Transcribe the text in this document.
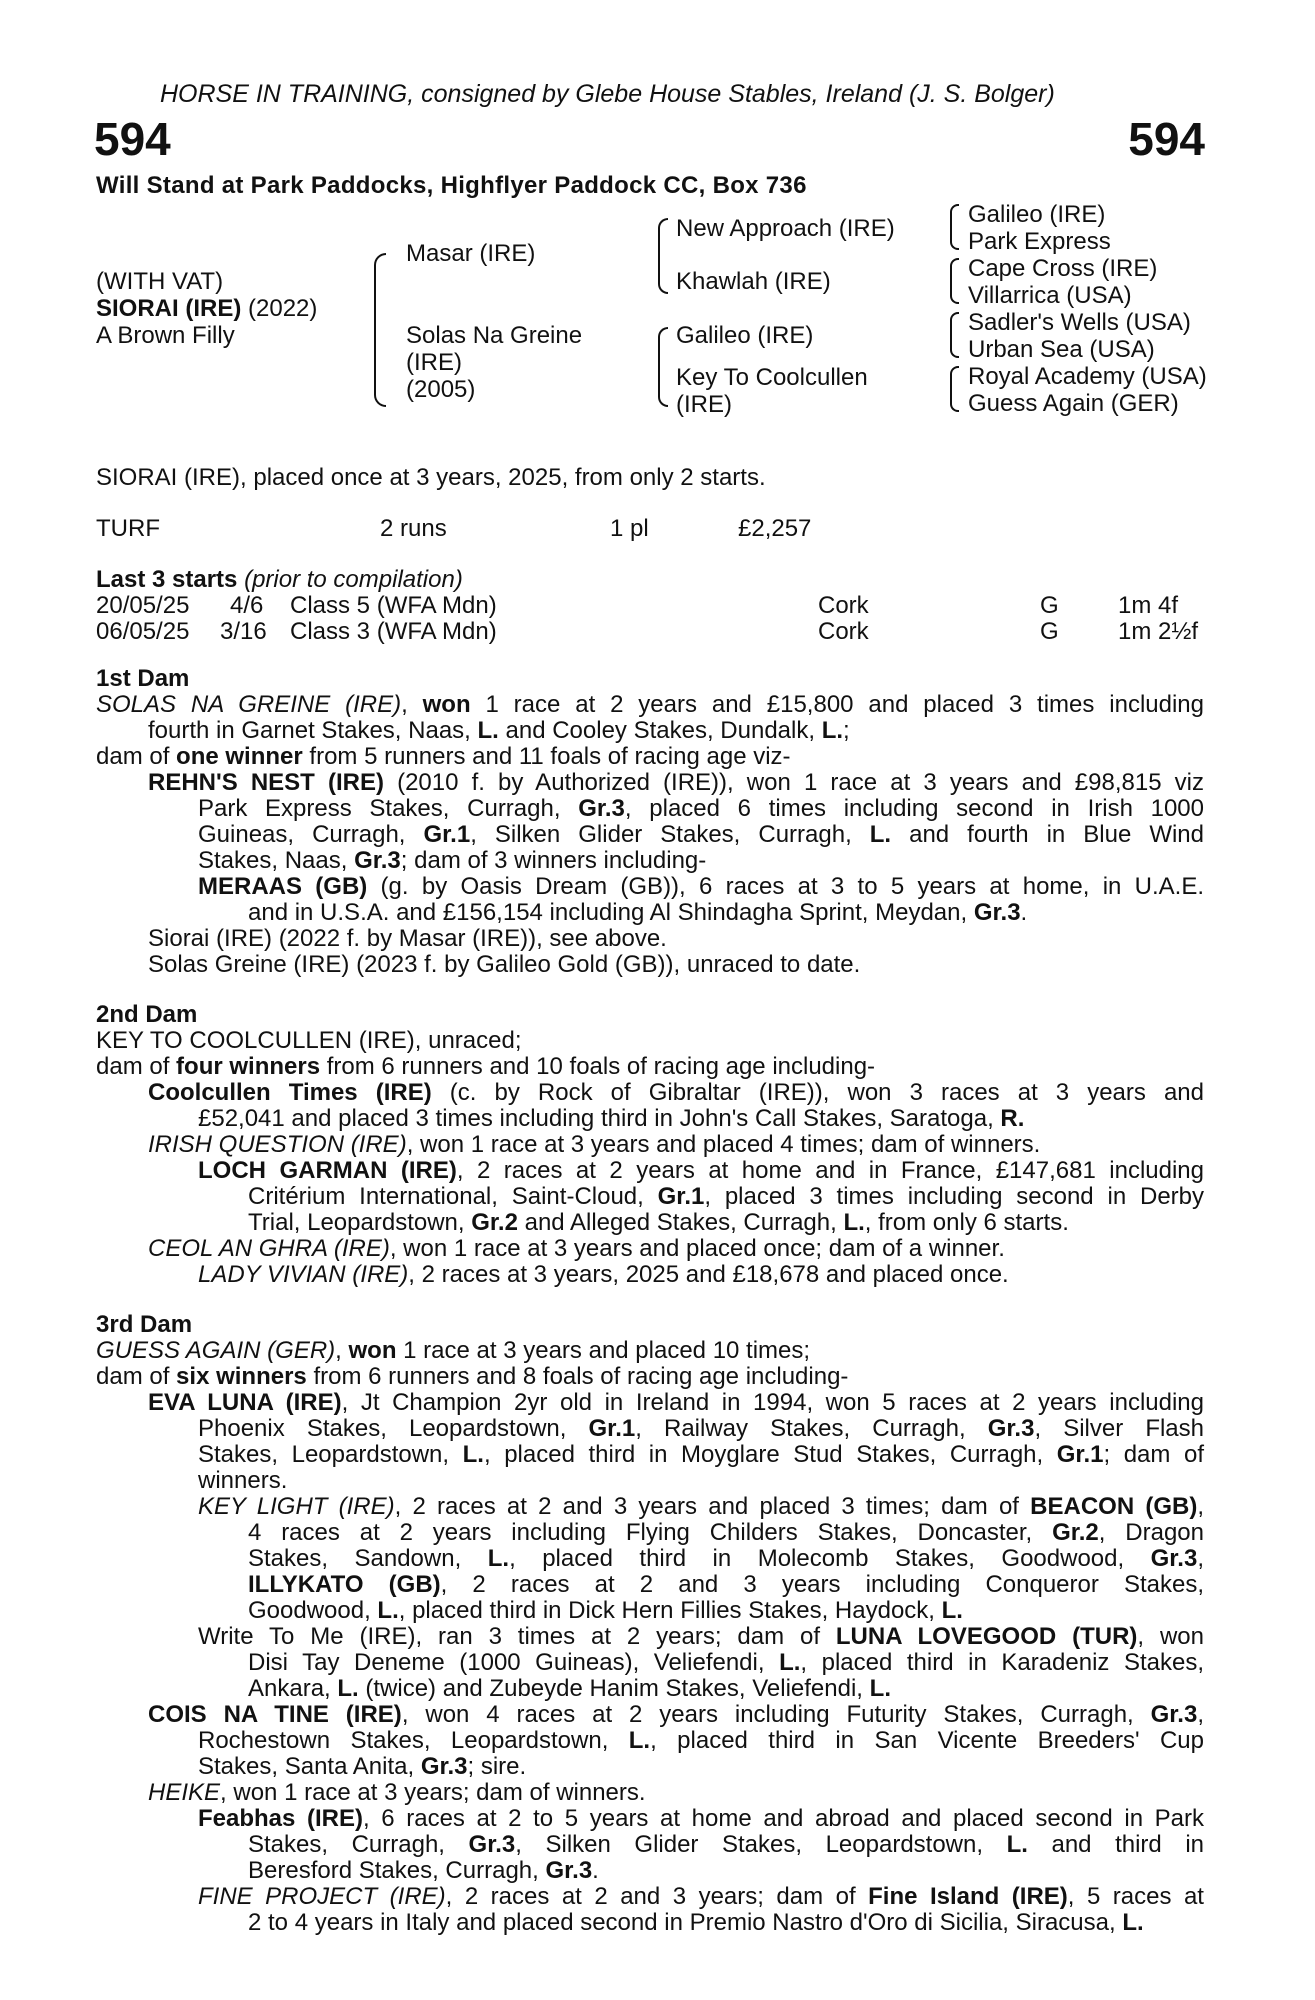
HORSE IN TRAINING, consigned by Glebe House Stables, Ireland (J. S. Bolger)
594	594
Will Stand at Park Paddocks, Highflyer Paddock CC, Box 736
(WITH VAT)
SIORAI (IRE) (2022)
A Brown Filly
Masar (IRE)
Solas Na Greine
(IRE)
(2005)
New Approach (IRE)
Khawlah (IRE)
Galileo (IRE)
Key To Coolcullen
(IRE)
Galileo (IRE)
Park Express
Cape Cross (IRE)
Villarrica (USA)
Sadler's Wells (USA)
Urban Sea (USA)
Royal Academy (USA)
Guess Again (GER)
SIORAI (IRE), placed once at 3 years, 2025, from only 2 starts.
TURF	2 runs	1 pl	£2,257
Last 3 starts (prior to compilation)
20/05/25 4/6 Class 5 (WFA Mdn)	Cork	G 1m 4f
06/05/25 3/16 Class 3 (WFA Mdn)	Cork	G 1m 2½f
1st Dam
SOLAS NA GREINE (IRE), won 1 race at 2 years and £15,800 and placed 3 times including
fourth in Garnet Stakes, Naas, L. and Cooley Stakes, Dundalk, L.;
dam of one winner from 5 runners and 11 foals of racing age viz-
REHN'S NEST (IRE) (2010 f. by Authorized (IRE)), won 1 race at 3 years and £98,815 viz
Park Express Stakes, Curragh, Gr.3, placed 6 times including second in Irish 1000
Guineas, Curragh, Gr.1, Silken Glider Stakes, Curragh, L. and fourth in Blue Wind
Stakes, Naas, Gr.3; dam of 3 winners including-
MERAAS (GB) (g. by Oasis Dream (GB)), 6 races at 3 to 5 years at home, in U.A.E.
and in U.S.A. and £156,154 including Al Shindagha Sprint, Meydan, Gr.3.
Siorai (IRE) (2022 f. by Masar (IRE)), see above.
Solas Greine (IRE) (2023 f. by Galileo Gold (GB)), unraced to date.
2nd Dam
KEY TO COOLCULLEN (IRE), unraced;
dam of four winners from 6 runners and 10 foals of racing age including-
Coolcullen Times (IRE) (c. by Rock of Gibraltar (IRE)), won 3 races at 3 years and
£52,041 and placed 3 times including third in John's Call Stakes, Saratoga, R.
IRISH QUESTION (IRE), won 1 race at 3 years and placed 4 times; dam of winners.
LOCH GARMAN (IRE), 2 races at 2 years at home and in France, £147,681 including
Critérium International, Saint-Cloud, Gr.1, placed 3 times including second in Derby
Trial, Leopardstown, Gr.2 and Alleged Stakes, Curragh, L., from only 6 starts.
CEOL AN GHRA (IRE), won 1 race at 3 years and placed once; dam of a winner.
LADY VIVIAN (IRE), 2 races at 3 years, 2025 and £18,678 and placed once.
3rd Dam
GUESS AGAIN (GER), won 1 race at 3 years and placed 10 times;
dam of six winners from 6 runners and 8 foals of racing age including-
EVA LUNA (IRE), Jt Champion 2yr old in Ireland in 1994, won 5 races at 2 years including
Phoenix Stakes, Leopardstown, Gr.1, Railway Stakes, Curragh, Gr.3, Silver Flash
Stakes, Leopardstown, L., placed third in Moyglare Stud Stakes, Curragh, Gr.1; dam of
winners.
KEY LIGHT (IRE), 2 races at 2 and 3 years and placed 3 times; dam of BEACON (GB),
4 races at 2 years including Flying Childers Stakes, Doncaster, Gr.2, Dragon
Stakes, Sandown, L., placed third in Molecomb Stakes, Goodwood, Gr.3,
ILLYKATO (GB), 2 races at 2 and 3 years including Conqueror Stakes,
Goodwood, L., placed third in Dick Hern Fillies Stakes, Haydock, L.
Write To Me (IRE), ran 3 times at 2 years; dam of LUNA LOVEGOOD (TUR), won
Disi Tay Deneme (1000 Guineas), Veliefendi, L., placed third in Karadeniz Stakes,
Ankara, L. (twice) and Zubeyde Hanim Stakes, Veliefendi, L.
COIS NA TINE (IRE), won 4 races at 2 years including Futurity Stakes, Curragh, Gr.3,
Rochestown Stakes, Leopardstown, L., placed third in San Vicente Breeders' Cup
Stakes, Santa Anita, Gr.3; sire.
HEIKE, won 1 race at 3 years; dam of winners.
Feabhas (IRE), 6 races at 2 to 5 years at home and abroad and placed second in Park
Stakes, Curragh, Gr.3, Silken Glider Stakes, Leopardstown, L. and third in
Beresford Stakes, Curragh, Gr.3.
FINE PROJECT (IRE), 2 races at 2 and 3 years; dam of Fine Island (IRE), 5 races at
2 to 4 years in Italy and placed second in Premio Nastro d'Oro di Sicilia, Siracusa, L.
